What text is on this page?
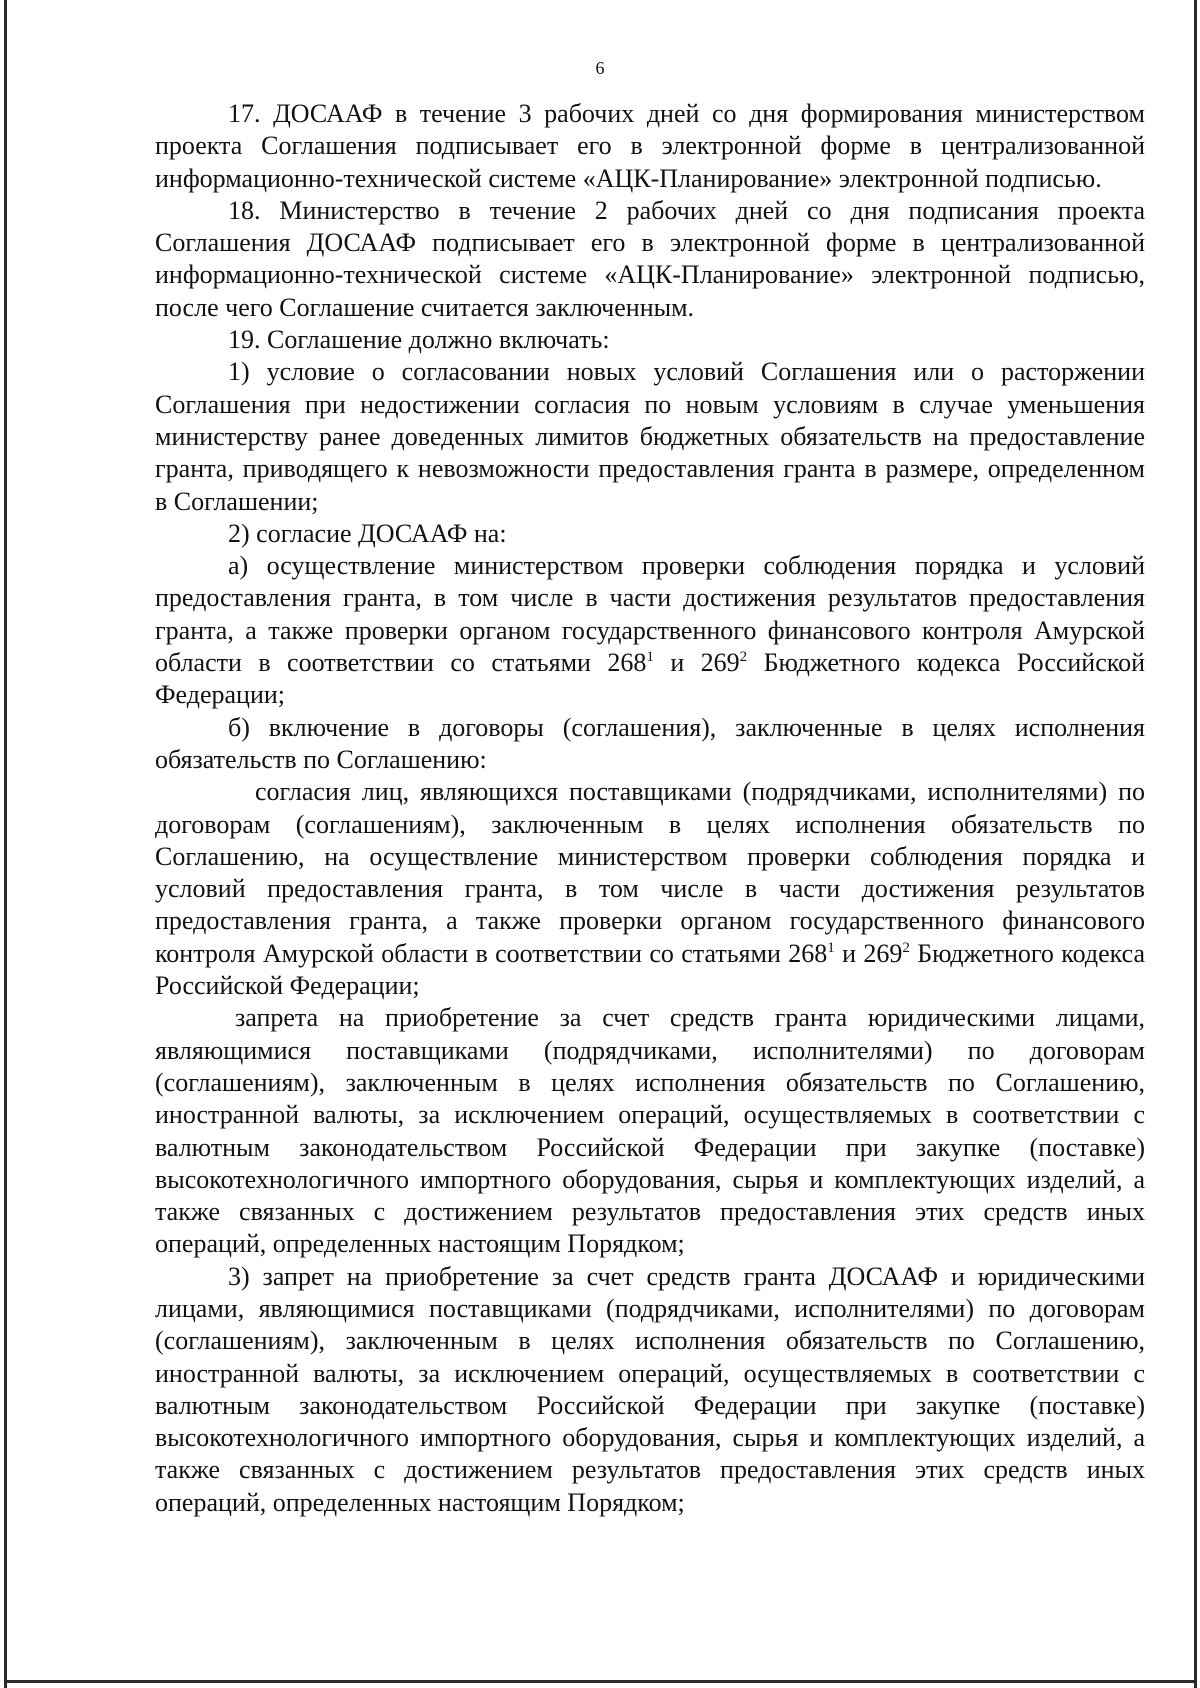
6

17. ДОСААФ в течение 3 рабочих дней со дня формирования министерством проекта Соглашения подписывает его в электронной форме в централизованной информационно-технической системе «АЦК-Планирование» электронной подписью.

18. Министерство в течение 2 рабочих дней со дня подписания проекта Соглашения ДОСААФ подписывает его в электронной форме в централизованной информационно-технической системе «АЦК-Планирование» электронной подписью, после чего Соглашение считается заключенным.

19. Соглашение должно включать:

1) условие о согласовании новых условий Соглашения или о расторжении Соглашения при недостижении согласия по новым условиям в случае уменьшения министерству ранее доведенных лимитов бюджетных обязательств на предоставление гранта, приводящего к невозможности предоставления гранта в размере, определенном в Соглашении;

2) согласие ДОСААФ на:

а) осуществление министерством проверки соблюдения порядка и условий предоставления гранта, в том числе в части достижения результатов предоставления гранта, а также проверки органом государственного финансового контроля Амурской области в соответствии со статьями $268^1$ и $269^2$ Бюджетного кодекса Российской Федерации;

б) включение в договоры (соглашения), заключенные в целях исполнения обязательств по Соглашению:

согласия лиц, являющихся поставщиками (подрядчиками, исполнителями) по договорам (соглашениям), заключенным в целях исполнения обязательств по Соглашению, на осуществление министерством проверки соблюдения порядка и условий предоставления гранта, в том числе в части достижения результатов предоставления гранта, а также проверки органом государственного финансового контроля Амурской области в соответствии со статьями $268^1$ и $269^2$ Бюджетного кодекса Российской Федерации;

запрета на приобретение за счет средств гранта юридическими лицами, являющимися поставщиками (подрядчиками, исполнителями) по договорам (соглашениям), заключенным в целях исполнения обязательств по Соглашению, иностранной валюты, за исключением операций, осуществляемых в соответствии с валютным законодательством Российской Федерации при закупке (поставке) высокотехнологичного импортного оборудования, сырья и комплектующих изделий, а также связанных с достижением результатов предоставления этих средств иных операций, определенных настоящим Порядком;

3) запрет на приобретение за счет средств гранта ДОСААФ и юридическими лицами, являющимися поставщиками (подрядчиками, исполнителями) по договорам (соглашениям), заключенным в целях исполнения обязательств по Соглашению, иностранной валюты, за исключением операций, осуществляемых в соответствии с валютным законодательством Российской Федерации при закупке (поставке) высокотехнологичного импортного оборудования, сырья и комплектующих изделий, а также связанных с достижением результатов предоставления этих средств иных операций, определенных настоящим Порядком;
